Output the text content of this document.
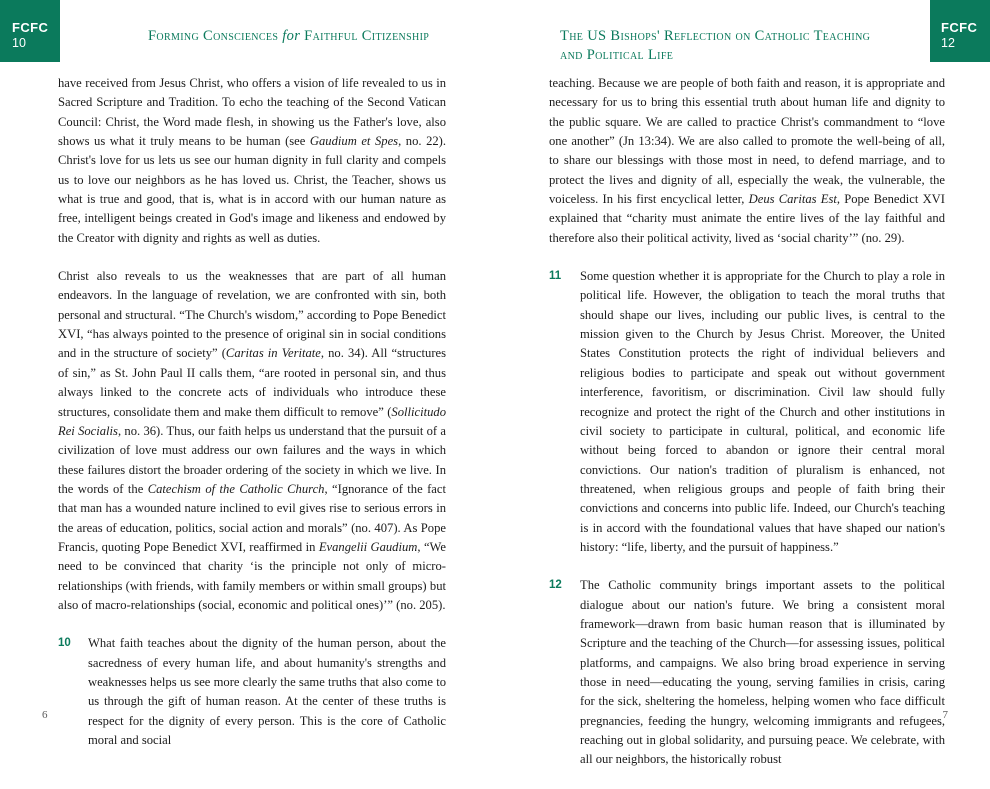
FCFC
10
FCFC
12
Forming Consciences for Faithful Citizenship	The US Bishops' Reflection on Catholic Teaching
and Political Life

have received from Jesus Christ, who offers a vision of life revealed to us in Sacred Scripture and Tradition. To echo the teaching of the Second Vatican Council: Christ, the Word made flesh, in showing us the Father's love, also shows us what it truly means to be human (see Gaudium et Spes, no. 22). Christ's love for us lets us see our human dignity in full clarity and compels us to love our neighbors as he has loved us. Christ, the Teacher, shows us what is true and good, that is, what is in accord with our human nature as free, intelligent beings created in God's image and likeness and endowed by the Creator with dignity and rights as well as duties.

Christ also reveals to us the weaknesses that are part of all human endeavors. In the language of revelation, we are confronted with sin, both personal and structural. “The Church's wisdom,” according to Pope Benedict XVI, “has always pointed to the presence of original sin in social conditions and in the structure of society” (Caritas in Veritate, no. 34). All “structures of sin,” as St. John Paul II calls them, “are rooted in personal sin, and thus always linked to the concrete acts of individuals who introduce these structures, consolidate them and make them difficult to remove” (Sollicitudo Rei Socialis, no. 36). Thus, our faith helps us understand that the pursuit of a civilization of love must address our own failures and the ways in which these failures distort the broader ordering of the society in which we live. In the words of the Catechism of the Catholic Church, “Ignorance of the fact that man has a wounded nature inclined to evil gives rise to serious errors in the areas of education, politics, social action and morals” (no. 407). As Pope Francis, quoting Pope Benedict XVI, reaffirmed in Evangelii Gaudium, “We need to be convinced that charity ‘is the principle not only of micro-relationships (with friends, with family members or within small groups) but also of macro-relationships (social, economic and political ones)’” (no. 205).

10	What faith teaches about the dignity of the human person, about the sacredness of every human life, and about humanity's strengths and weaknesses helps us see more clearly the same truths that also come to us through the gift of human reason. At the center of these truths is respect for the dignity of every person. This is the core of Catholic moral and social

teaching. Because we are people of both faith and reason, it is appropriate and necessary for us to bring this essential truth about human life and dignity to the public square. We are called to practice Christ's commandment to “love one another” (Jn 13:34). We are also called to promote the well-being of all, to share our blessings with those most in need, to defend marriage, and to protect the lives and dignity of all, especially the weak, the vulnerable, the voiceless. In his first encyclical letter, Deus Caritas Est, Pope Benedict XVI explained that “charity must animate the entire lives of the lay faithful and therefore also their political activity, lived as ‘social charity’” (no. 29).

11	Some question whether it is appropriate for the Church to play a role in political life. However, the obligation to teach the moral truths that should shape our lives, including our public lives, is central to the mission given to the Church by Jesus Christ. Moreover, the United States Constitution protects the right of individual believers and religious bodies to participate and speak out without government interference, favoritism, or discrimination. Civil law should fully recognize and protect the right of the Church and other institutions in civil society to participate in cultural, political, and economic life without being forced to abandon or ignore their central moral convictions. Our nation's tradition of pluralism is enhanced, not threatened, when religious groups and people of faith bring their convictions and concerns into public life. Indeed, our Church's teaching is in accord with the foundational values that have shaped our nation's history: “life, liberty, and the pursuit of happiness.”
12	The Catholic community brings important assets to the political dialogue about our nation's future. We bring a consistent moral framework—drawn from basic human reason that is illuminated by Scripture and the teaching of the Church—for assessing issues, political platforms, and campaigns. We also bring broad experience in serving those in need—educating the young, serving families in crisis, caring for the sick, sheltering the homeless, helping women who face difficult pregnancies, feeding the hungry, welcoming immigrants and refugees, reaching out in global solidarity, and pursuing peace. We celebrate, with all our neighbors, the historically robust
6	7
